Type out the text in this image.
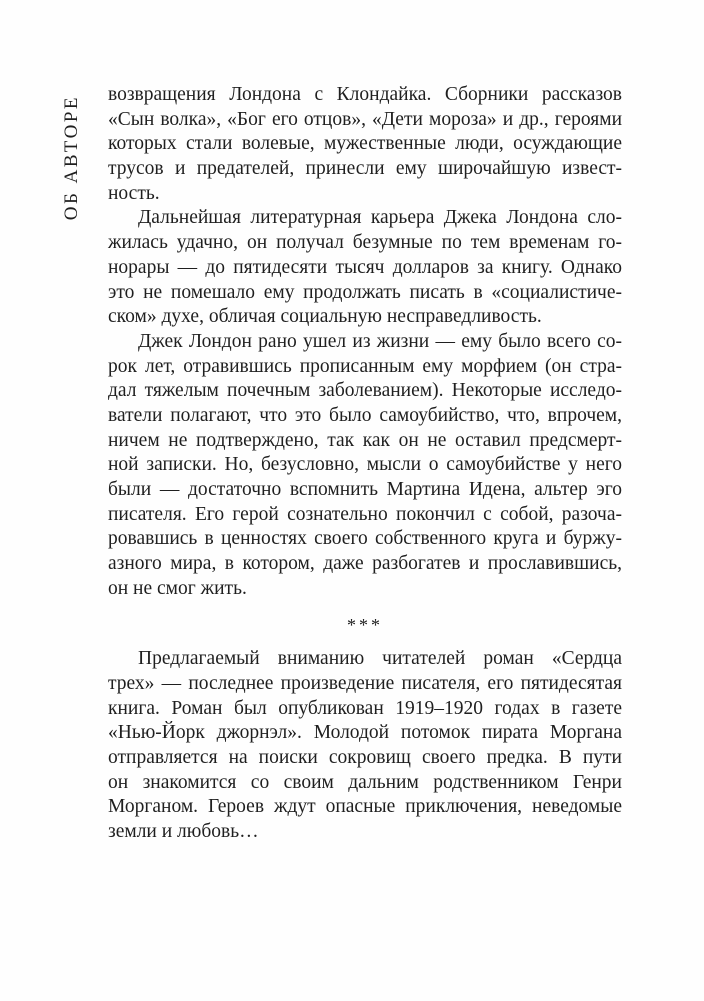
ОБ АВТОРЕ
возвращения Лондона с Клондайка. Сборники рассказов
«Сын волка», «Бог его отцов», «Дети мороза» и др., героями
которых стали волевые, мужественные люди, осуждающие
трусов и предателей, принесли ему широчайшую извест-
ность.
Дальнейшая литературная карьера Джека Лондона сло-
жилась удачно, он получал безумные по тем временам го-
норары — до пятидесяти тысяч долларов за книгу. Однако
это не помешало ему продолжать писать в «социалистиче-
ском» духе, обличая социальную несправедливость.
Джек Лондон рано ушел из жизни — ему было всего со-
рок лет, отравившись прописанным ему морфием (он стра-
дал тяжелым почечным заболеванием). Некоторые исследо-
ватели полагают, что это было самоубийство, что, впрочем,
ничем не подтверждено, так как он не оставил предсмерт-
ной записки. Но, безусловно, мысли о самоубийстве у него
были — достаточно вспомнить Мартина Идена, альтер эго
писателя. Его герой сознательно покончил с собой, разоча-
ровавшись в ценностях своего собственного круга и буржу-
азного мира, в котором, даже разбогатев и прославившись,
он не смог жить.
***
Предлагаемый вниманию читателей роман «Сердца
трех» — последнее произведение писателя, его пятидесятая
книга. Роман был опубликован 1919–1920 годах в газете
«Нью-Йорк джорнэл». Молодой потомок пирата Моргана
отправляется на поиски сокровищ своего предка. В пути
он знакомится со своим дальним родственником Генри
Морганом. Героев ждут опасные приключения, неведомые
земли и любовь…
